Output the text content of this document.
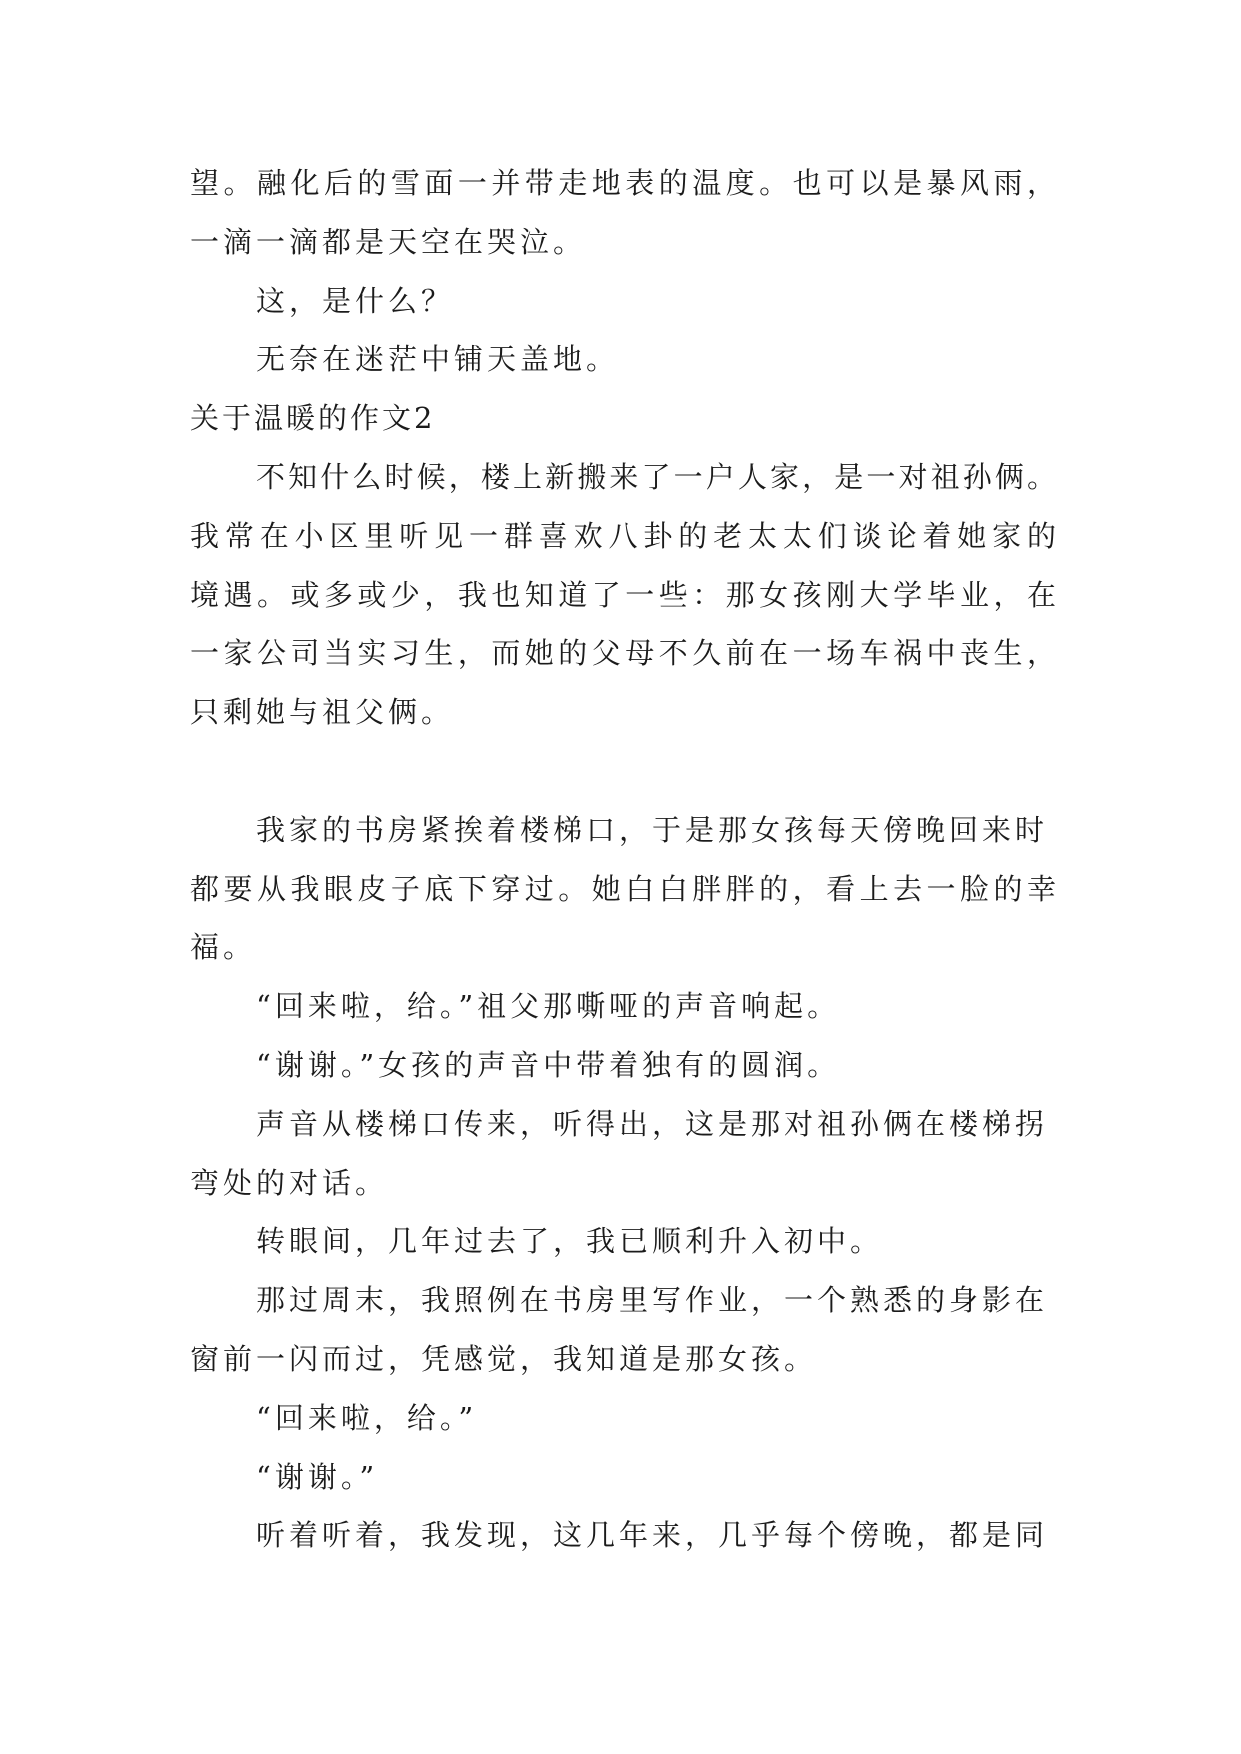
望。融化后的雪面一并带走地表的温度。也可以是暴风雨，
一滴一滴都是天空在哭泣。
这，是什么？
无奈在迷茫中铺天盖地。
关于温暖的作文2
不知什么时候，楼上新搬来了一户人家，是一对祖孙俩。
我常在小区里听见一群喜欢八卦的老太太们谈论着她家的
境遇。或多或少，我也知道了一些：那女孩刚大学毕业，在
一家公司当实习生，而她的父母不久前在一场车祸中丧生，
只剩她与祖父俩。
我家的书房紧挨着楼梯口，于是那女孩每天傍晚回来时
都要从我眼皮子底下穿过。她白白胖胖的，看上去一脸的幸
福。
“回来啦，给。”祖父那嘶哑的声音响起。
“谢谢。”女孩的声音中带着独有的圆润。
声音从楼梯口传来，听得出，这是那对祖孙俩在楼梯拐
弯处的对话。
转眼间，几年过去了，我已顺利升入初中。
那过周末，我照例在书房里写作业，一个熟悉的身影在
窗前一闪而过，凭感觉，我知道是那女孩。
“回来啦，给。”
“谢谢。”
听着听着，我发现，这几年来，几乎每个傍晚，都是同
